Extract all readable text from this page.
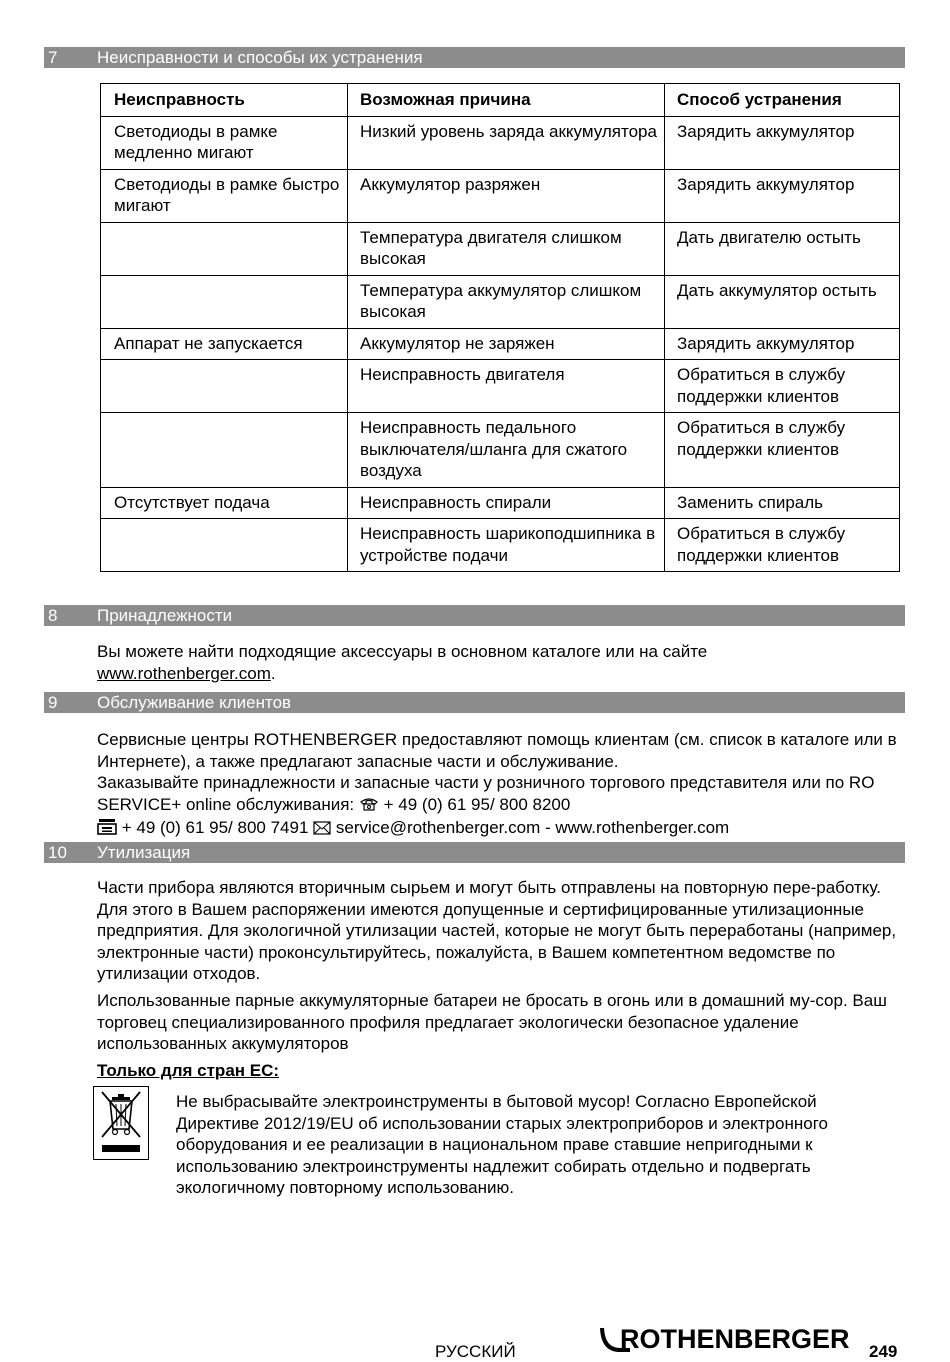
7 Неисправности и способы их устранения
Неисправность	Возможная причина	Способ устранения
Светодиоды в рамке медленно мигают	Низкий уровень заряда аккумулятора	Зарядить аккумулятор
Светодиоды в рамке быстро мигают	Аккумулятор разряжен	Зарядить аккумулятор
	Температура двигателя слишком высокая	Дать двигателю остыть
	Температура аккумулятор слишком высокая	Дать аккумулятор остыть
Аппарат не запускается	Аккумулятор не заряжен	Зарядить аккумулятор
	Неисправность двигателя	Обратиться в службу поддержки клиентов
	Неисправность педального выключателя/шланга для сжатого воздуха	Обратиться в службу поддержки клиентов
Отсутствует подача	Неисправность спирали	Заменить спираль
	Неисправность шарикоподшипника в устройстве подачи	Обратиться в службу поддержки клиентов
8 Принадлежности

Вы можете найти подходящие аксессуары в основном каталоге или на сайте
www.rothenberger.com.

9 Обслуживание клиентов

Сервисные центры ROTHENBERGER предоставляют помощь клиентам (см. список в каталоге или в Интернете), а также предлагают запасные части и обслуживание.

Заказывайте принадлежности и запасные части у розничного торгового представителя или по RO SERVICE+ online обслуживания: + 49 (0) 61 95/ 800 8200
+ 49 (0) 61 95/ 800 7491 service@rothenberger.com - www.rothenberger.com

10 Утилизация

Части прибора являются вторичным сырьем и могут быть отправлены на повторную пере-работку. Для этого в Вашем распоряжении имеются допущенные и сертифицированные утилизационные предприятия. Для экологичной утилизации частей, которые не могут быть переработаны (например, электронные части) проконсультируйтесь, пожалуйста, в Вашем компетентном ведомстве по утилизации отходов.

Использованные парные аккумуляторные батареи не бросать в огонь или в домашний му-сор. Ваш торговец специализированного профиля предлагает экологически безопасное удаление использованных аккумуляторов

Только для стран ЕС:

Не выбрасывайте электроинструменты в бытовой мусор! Согласно Европейской Директиве 2012/19/EU об использовании старых электроприборов и электронного оборудования и ее реализации в национальном праве ставшие непригодными к использованию электроинструменты надлежит собирать отдельно и подвергать экологичному повторному использованию.

РУССКИЙ	ROTHENBERGER 249
